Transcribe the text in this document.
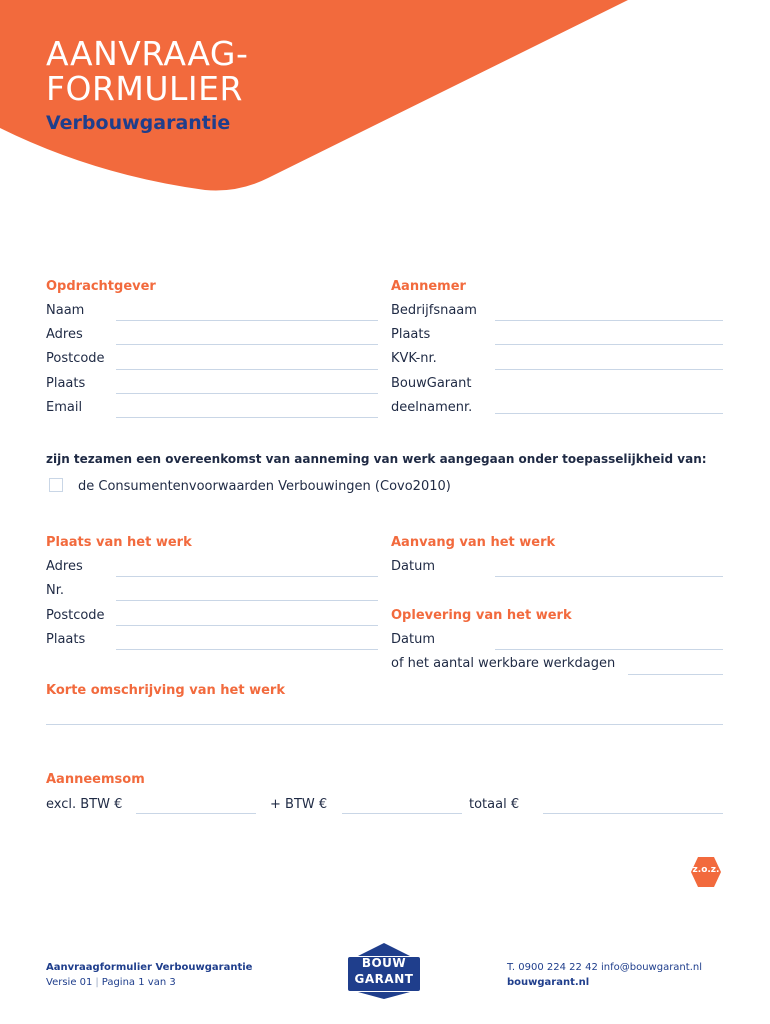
AANVRAAG-
FORMULIER
Verbouwgarantie
Opdrachtgever
Naam
Adres
Postcode
Plaats
Email
Aannemer
Bedrijfsnaam
Plaats
KVK-nr.
BouwGarant
deelnamenr.
zijn tezamen een overeenkomst van aanneming van werk aangegaan onder toepasselijkheid van:
de Consumentenvoorwaarden Verbouwingen (Covo2010)
Plaats van het werk
Adres
Nr.
Postcode
Plaats
Aanvang van het werk
Datum
Oplevering van het werk
Datum
of het aantal werkbare werkdagen
Korte omschrijving van het werk
Aanneemsom
excl. BTW €	+ BTW €	totaal €
z.o.z.
Aanvraagformulier Verbouwgarantie
Versie 01 | Pagina 1 van 3
BOUW
GARANT
T. 0900 224 22 42 info@bouwgarant.nl
bouwgarant.nl
